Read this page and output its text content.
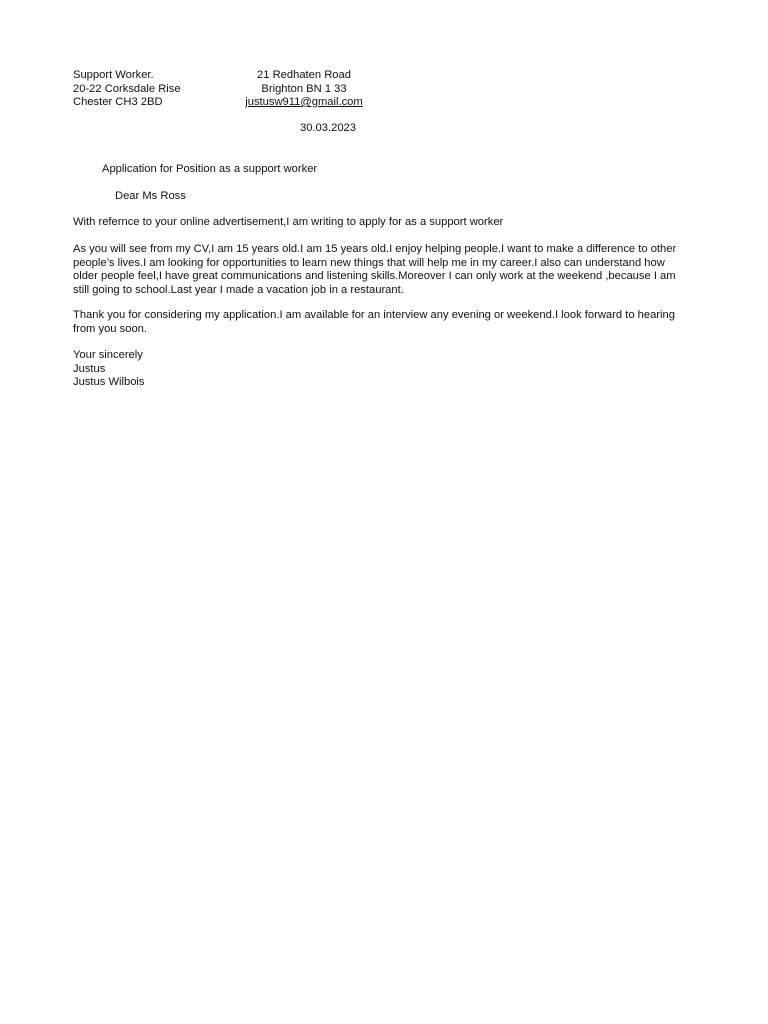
Support Worker.
20-22 Corksdale Rise
Chester CH3 2BD
21 Redhaten Road
Brighton BN 1 33
justusw911@gmail.com
30.03.2023
Application for Position as a support worker
Dear Ms Ross
With refernce to your online advertisement,I am writing to apply for as a support worker
As you will see from my CV,I am 15 years old.I am 15 years old.I enjoy helping people.I want to make a difference to other people’s lives.I am looking for opportunities to learn new things that will help me in my career.I also can understand how older people feel,I have great communications and listening skills.Moreover I can only work at the weekend ,because I am still going to school.Last year I made a vacation job in a restaurant.
Thank you for considering my application.I am available for an interview any evening or weekend.I look forward to hearing from you soon.
Your sincerely
Justus
Justus Wilbois
